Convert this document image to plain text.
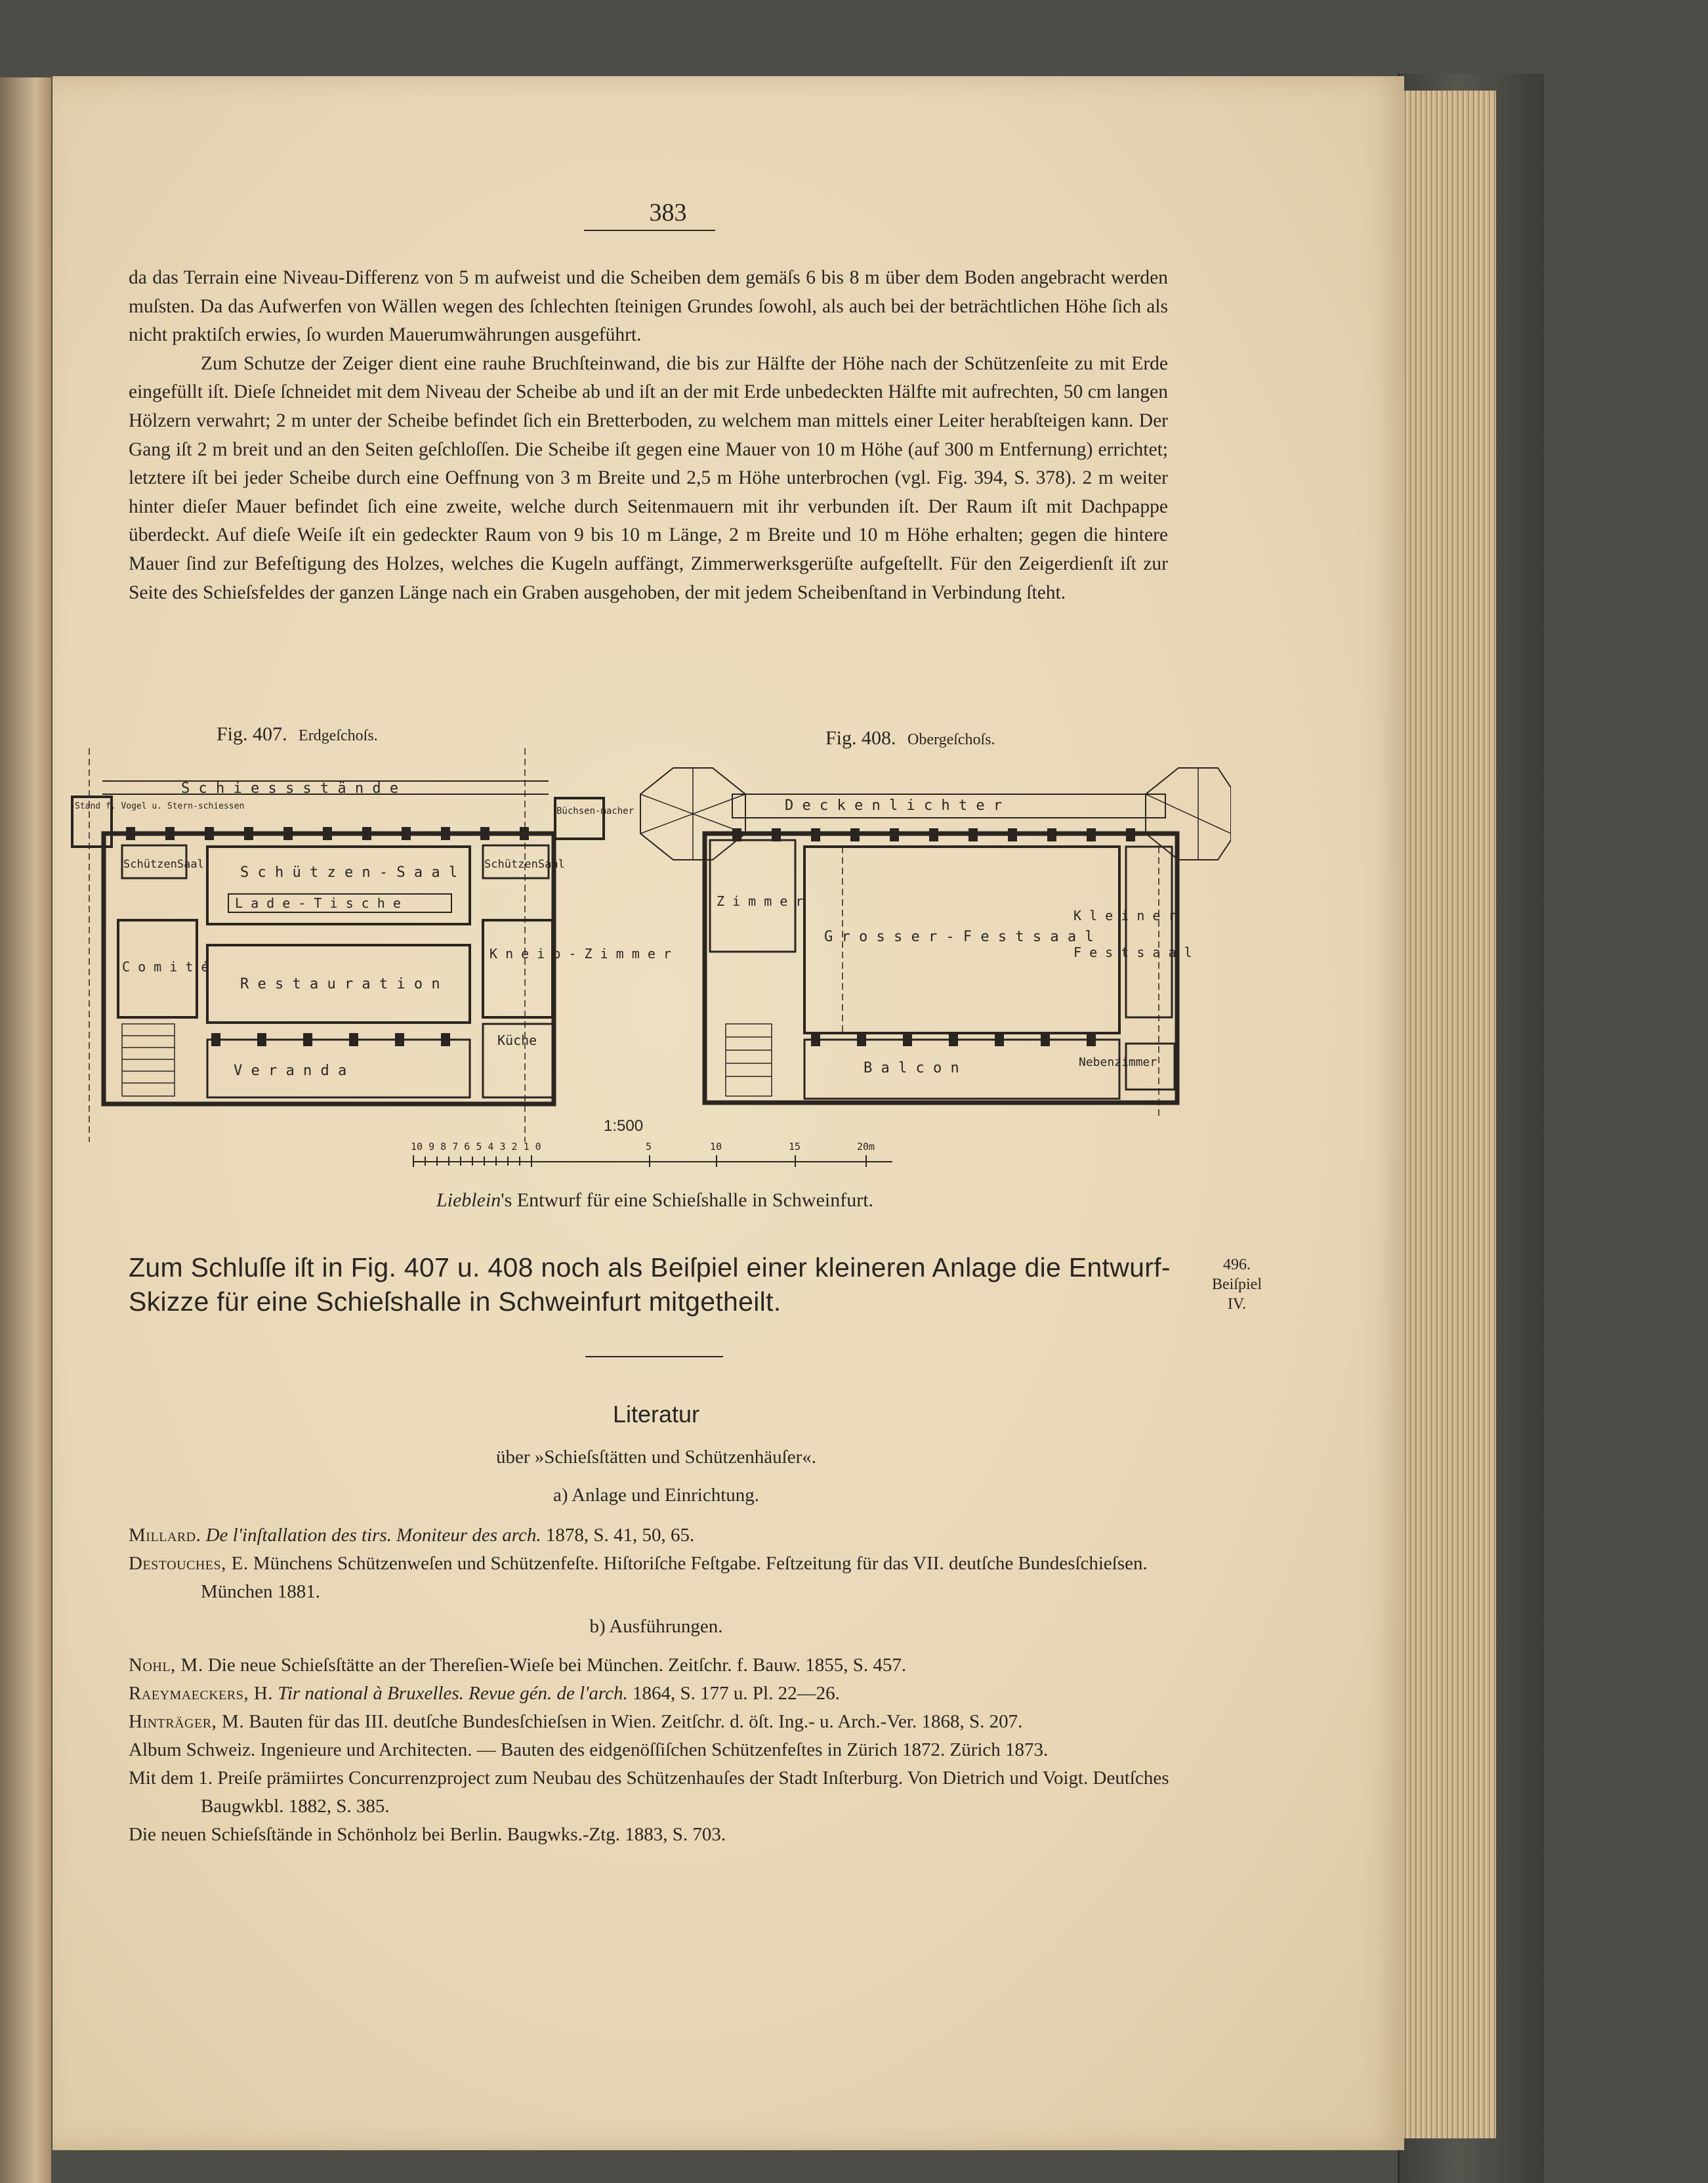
383

da das Terrain eine Niveau-Differenz von 5 m aufweist und die Scheiben dem gemäſs 6 bis 8 m über dem Boden angebracht werden muſsten. Da das Aufwerfen von Wällen wegen des ſchlechten ſteinigen Grundes ſowohl, als auch bei der beträchtlichen Höhe ſich als nicht praktiſch erwies, ſo wurden Mauerumwährungen ausgeführt.

Zum Schutze der Zeiger dient eine rauhe Bruchſteinwand, die bis zur Hälfte der Höhe nach der Schützenſeite zu mit Erde eingefüllt iſt. Dieſe ſchneidet mit dem Niveau der Scheibe ab und iſt an der mit Erde unbedeckten Hälfte mit aufrechten, 50 cm langen Hölzern verwahrt; 2 m unter der Scheibe befindet ſich ein Bretterboden, zu welchem man mittels einer Leiter herabſteigen kann. Der Gang iſt 2 m breit und an den Seiten geſchloſſen. Die Scheibe iſt gegen eine Mauer von 10 m Höhe (auf 300 m Entfernung) errichtet; letztere iſt bei jeder Scheibe durch eine Oeffnung von 3 m Breite und 2,5 m Höhe unterbrochen (vgl. Fig. 394, S. 378). 2 m weiter hinter dieſer Mauer befindet ſich eine zweite, welche durch Seitenmauern mit ihr verbunden iſt. Der Raum iſt mit Dachpappe überdeckt. Auf dieſe Weiſe iſt ein gedeckter Raum von 9 bis 10 m Länge, 2 m Breite und 10 m Höhe erhalten; gegen die hintere Mauer ſind zur Befeſtigung des Holzes, welches die Kugeln auffängt, Zimmerwerksgerüſte aufgeſtellt. Für den Zeigerdienſt iſt zur Seite des Schieſsfeldes der ganzen Länge nach ein Graben ausgehoben, der mit jedem Scheibenſtand in Verbindung ſteht.

Fig. 407. Erdgeſchoſs.	Fig. 408. Obergeſchoſs.
S c h i e s s s t ä n d e
Stand f. Vogel u. Stern-schiessen	Büchsen-macher
SchützenSaal	SchützenSaal
S c h ü t z e n - S a a l
L a d e - T i s c h e
C o m i t é
R e s t a u r a t i o n
K n e i p - Z i m m e r
Küche
V e r a n d a
D e c k e n l i c h t e r
Z i m m e r
G r o s s e r - F e s t s a a l
K l e i n e r
F e s t s a a l
B a l c o n	Nebenzimmer
1:500
10 9 8 7 6 5 4 3 2 1 0	5	10	15	20m
Lieblein's Entwurf für eine Schieſshalle in Schweinfurt.
Zum Schluſſe iſt in Fig. 407 u. 408 noch als Beiſpiel einer kleineren Anlage die Entwurf-Skizze für eine Schieſshalle in Schweinfurt mitgetheilt.
496.
Beiſpiel
IV.
Literatur
über »Schieſsſtätten und Schützenhäuſer«.
a) Anlage und Einrichtung.
Millard. De l'inſtallation des tirs. Moniteur des arch. 1878, S. 41, 50, 65.
Destouches, E. Münchens Schützenweſen und Schützenfeſte. Hiſtoriſche Feſtgabe. Feſtzeitung für das VII. deutſche Bundesſchieſsen. München 1881.
b) Ausführungen.
Nohl, M. Die neue Schieſsſtätte an der Thereſien-Wieſe bei München. Zeitſchr. f. Bauw. 1855, S. 457.
Raeymaeckers, H. Tir national à Bruxelles. Revue gén. de l'arch. 1864, S. 177 u. Pl. 22—26.
Hinträger, M. Bauten für das III. deutſche Bundesſchieſsen in Wien. Zeitſchr. d. öſt. Ing.- u. Arch.-Ver. 1868, S. 207.
Album Schweiz. Ingenieure und Architecten. — Bauten des eidgenöſſiſchen Schützenfeſtes in Zürich 1872. Zürich 1873.
Mit dem 1. Preiſe prämiirtes Concurrenzproject zum Neubau des Schützenhauſes der Stadt Inſterburg. Von Dietrich und Voigt. Deutſches Baugwkbl. 1882, S. 385.
Die neuen Schieſsſtände in Schönholz bei Berlin. Baugwks.-Ztg. 1883, S. 703.
